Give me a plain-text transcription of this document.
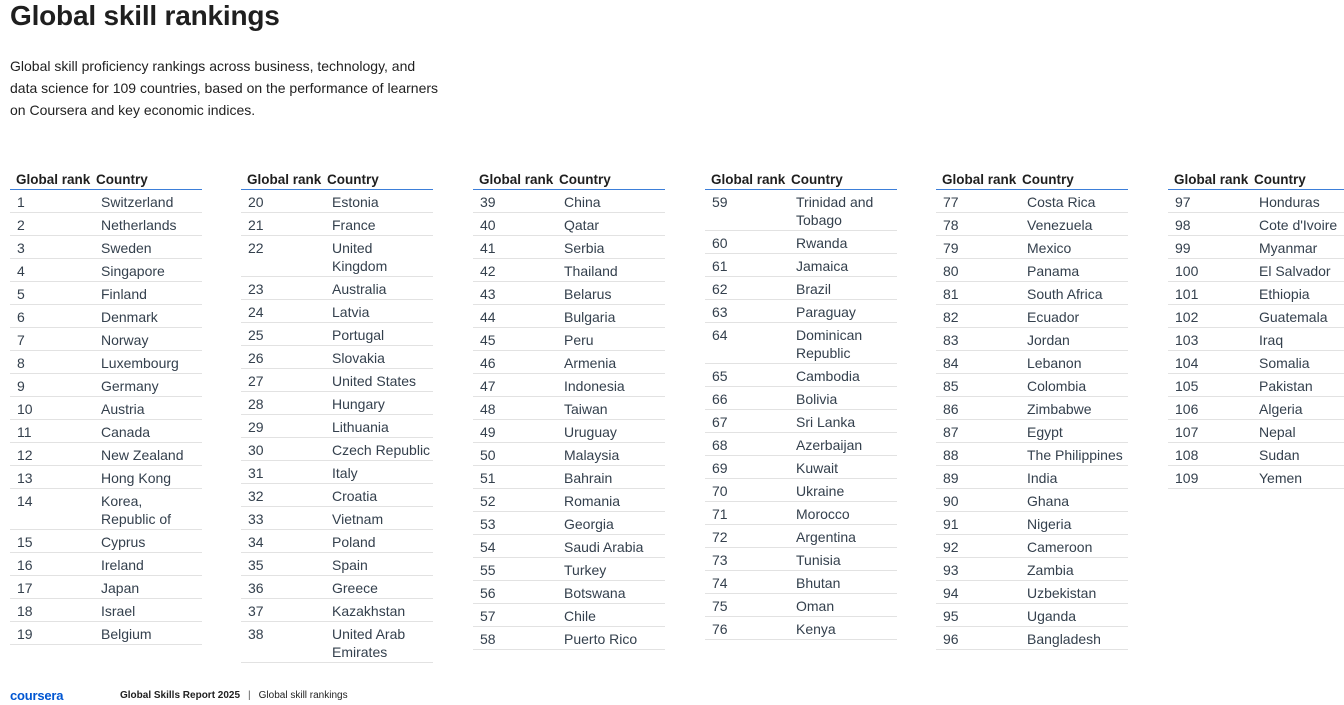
Global skill rankings

Global skill proficiency rankings across business, technology, and data science for 109 countries, based on the performance of learners on Coursera and key economic indices.

Global rank Country
1	Switzerland
2	Netherlands
3	Sweden
4	Singapore
5	Finland
6	Denmark
7	Norway
8	Luxembourg
9	Germany
10	Austria
11	Canada
12	New Zealand
13	Hong Kong
14	Korea, Republic of
15	Cyprus
16	Ireland
17	Japan
18	Israel
19	Belgium
Global rank Country
20	Estonia
21	France
22	United Kingdom
23	Australia
24	Latvia
25	Portugal
26	Slovakia
27	United States
28	Hungary
29	Lithuania
30	Czech Republic
31	Italy
32	Croatia
33	Vietnam
34	Poland
35	Spain
36	Greece
37	Kazakhstan
38	United Arab Emirates
Global rank Country
39	China
40	Qatar
41	Serbia
42	Thailand
43	Belarus
44	Bulgaria
45	Peru
46	Armenia
47	Indonesia
48	Taiwan
49	Uruguay
50	Malaysia
51	Bahrain
52	Romania
53	Georgia
54	Saudi Arabia
55	Turkey
56	Botswana
57	Chile
58	Puerto Rico
Global rank Country
59	Trinidad and Tobago
60	Rwanda
61	Jamaica
62	Brazil
63	Paraguay
64	Dominican Republic
65	Cambodia
66	Bolivia
67	Sri Lanka
68	Azerbaijan
69	Kuwait
70	Ukraine
71	Morocco
72	Argentina
73	Tunisia
74	Bhutan
75	Oman
76	Kenya
Global rank Country
77	Costa Rica
78	Venezuela
79	Mexico
80	Panama
81	South Africa
82	Ecuador
83	Jordan
84	Lebanon
85	Colombia
86	Zimbabwe
87	Egypt
88	The Philippines
89	India
90	Ghana
91	Nigeria
92	Cameroon
93	Zambia
94	Uzbekistan
95	Uganda
96	Bangladesh
Global rank Country
97	Honduras
98	Cote d'Ivoire
99	Myanmar
100	El Salvador
101	Ethiopia
102	Guatemala
103	Iraq
104	Somalia
105	Pakistan
106	Algeria
107	Nepal
108	Sudan
109	Yemen
coursera	Global Skills Report 2025 | Global skill rankings
